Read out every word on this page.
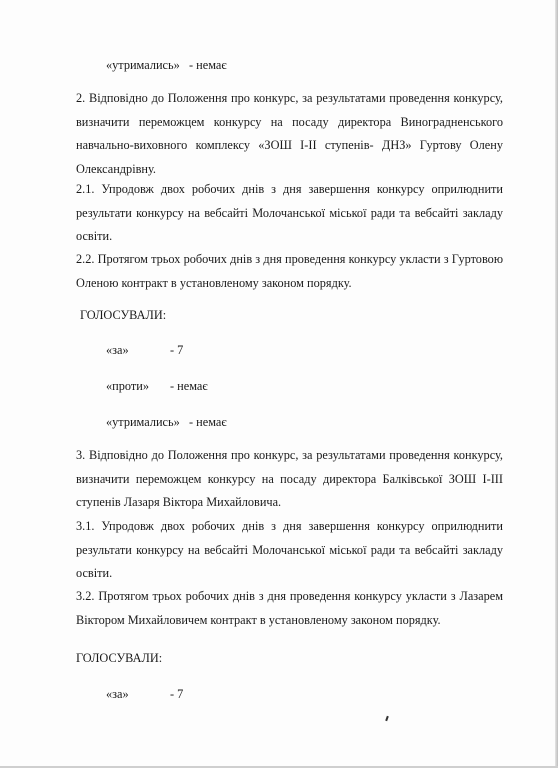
«утримались» - немає
2. Відповідно до Положення про конкурс, за результатами проведення конкурсу, визначити переможцем конкурсу на посаду директора Виноградненського навчально-виховного комплексу «ЗОШ І-ІІ ступенів- ДНЗ» Гуртову Олену Олександрівну.
2.1. Упродовж двох робочих днів з дня завершення конкурсу оприлюднити результати конкурсу на вебсайті Молочанської міської ради та вебсайті закладу освіти.
2.2. Протягом трьох робочих днів з дня проведення конкурсу укласти з Гуртовою Оленою контракт в установленому законом порядку.
ГОЛОСУВАЛИ:
«за»	- 7
«проти» - немає
«утримались» - немає
3. Відповідно до Положення про конкурс, за результатами проведення конкурсу, визначити переможцем конкурсу на посаду директора Балківської ЗОШ І-ІІІ ступенів Лазаря Віктора Михайловича.
3.1. Упродовж двох робочих днів з дня завершення конкурсу оприлюднити результати конкурсу на вебсайті Молочанської міської ради та вебсайті закладу освіти.
3.2. Протягом трьох робочих днів з дня проведення конкурсу укласти з Лазарем Віктором Михайловичем контракт в установленому законом порядку.
ГОЛОСУВАЛИ:
«за»	- 7
